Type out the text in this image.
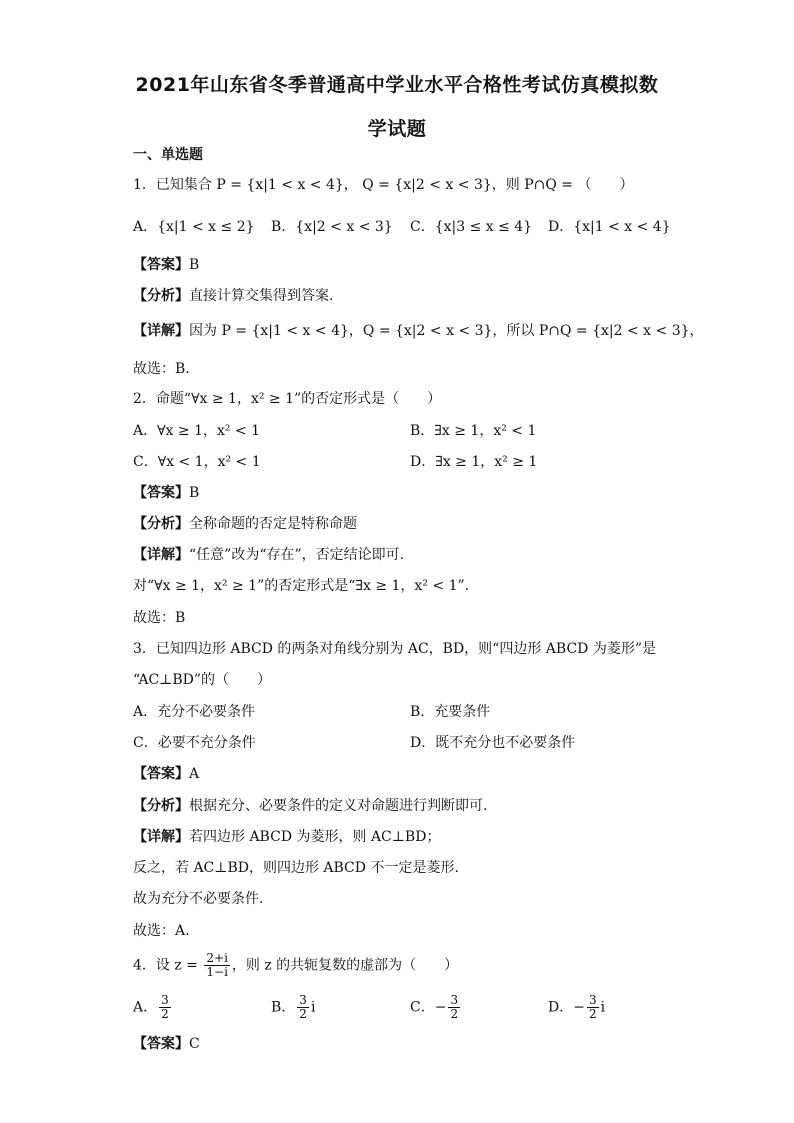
2021年山东省冬季普通高中学业水平合格性考试仿真模拟数
学试题
一、单选题
1．已知集合 P = {x|1 < x < 4}， Q = {x|2 < x < 3}，则 P∩Q = （　　）
A．{x|1 < x ≤ 2} B．{x|2 < x < 3} C．{x|3 ≤ x ≤ 4} D．{x|1 < x < 4}
【答案】B
【分析】直接计算交集得到答案.
【详解】因为 P = {x|1 < x < 4}，Q = {x|2 < x < 3}，所以 P∩Q = {x|2 < x < 3}，
故选：B.
2．命题“∀x ≥ 1，x² ≥ 1”的否定形式是（　　）
A．∀x ≥ 1，x² < 1	B．∃x ≥ 1，x² < 1
C．∀x < 1，x² < 1	D．∃x ≥ 1，x² ≥ 1
【答案】B
【分析】全称命题的否定是特称命题
【详解】“任意”改为“存在”，否定结论即可.
对“∀x ≥ 1，x² ≥ 1”的否定形式是“∃x ≥ 1，x² < 1”.
故选：B
3．已知四边形 ABCD 的两条对角线分别为 AC，BD，则“四边形 ABCD 为菱形”是
“AC⊥BD”的（　　）
A．充分不必要条件	B．充要条件
C．必要不充分条件	D．既不充分也不必要条件
【答案】A
【分析】根据充分、必要条件的定义对命题进行判断即可.
【详解】若四边形 ABCD 为菱形，则 AC⊥BD；
反之，若 AC⊥BD，则四边形 ABCD 不一定是菱形.
故为充分不必要条件.
故选：A.
4．设 $z = \frac{2+i}{1-i}$ ，则 z 的共轭复数的虚部为（　　）
A． $\frac{3}{2}$	B． $\frac{3}{2}$ i	C．− $\frac{3}{2}$	D．− $\frac{3}{2}$ i
【答案】C
